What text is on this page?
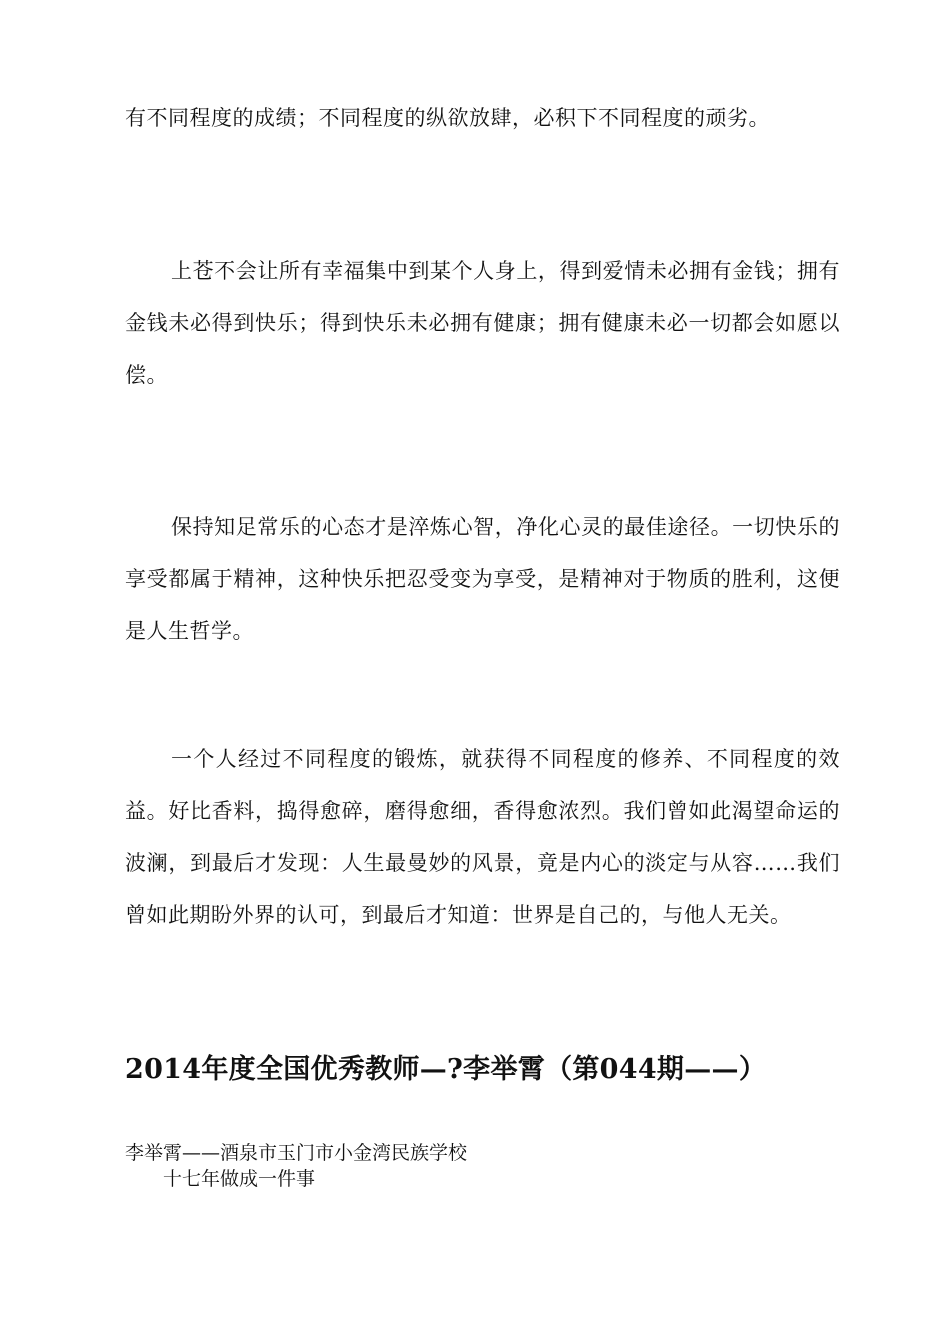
有不同程度的成绩；不同程度的纵欲放肆，必积下不同程度的顽劣。

上苍不会让所有幸福集中到某个人身上，得到爱情未必拥有金钱；拥有金钱未必得到快乐；得到快乐未必拥有健康；拥有健康未必一切都会如愿以偿。

保持知足常乐的心态才是淬炼心智，净化心灵的最佳途径。一切快乐的享受都属于精神，这种快乐把忍受变为享受，是精神对于物质的胜利，这便是人生哲学。

一个人经过不同程度的锻炼，就获得不同程度的修养、不同程度的效益。好比香料，捣得愈碎，磨得愈细，香得愈浓烈。我们曾如此渴望命运的波澜，到最后才发现：人生最曼妙的风景，竟是内心的淡定与从容……我们曾如此期盼外界的认可，到最后才知道：世界是自己的，与他人无关。

2014年度全国优秀教师—?李举霄（第044期——）

李举霄——酒泉市玉门市小金湾民族学校

十七年做成一件事
